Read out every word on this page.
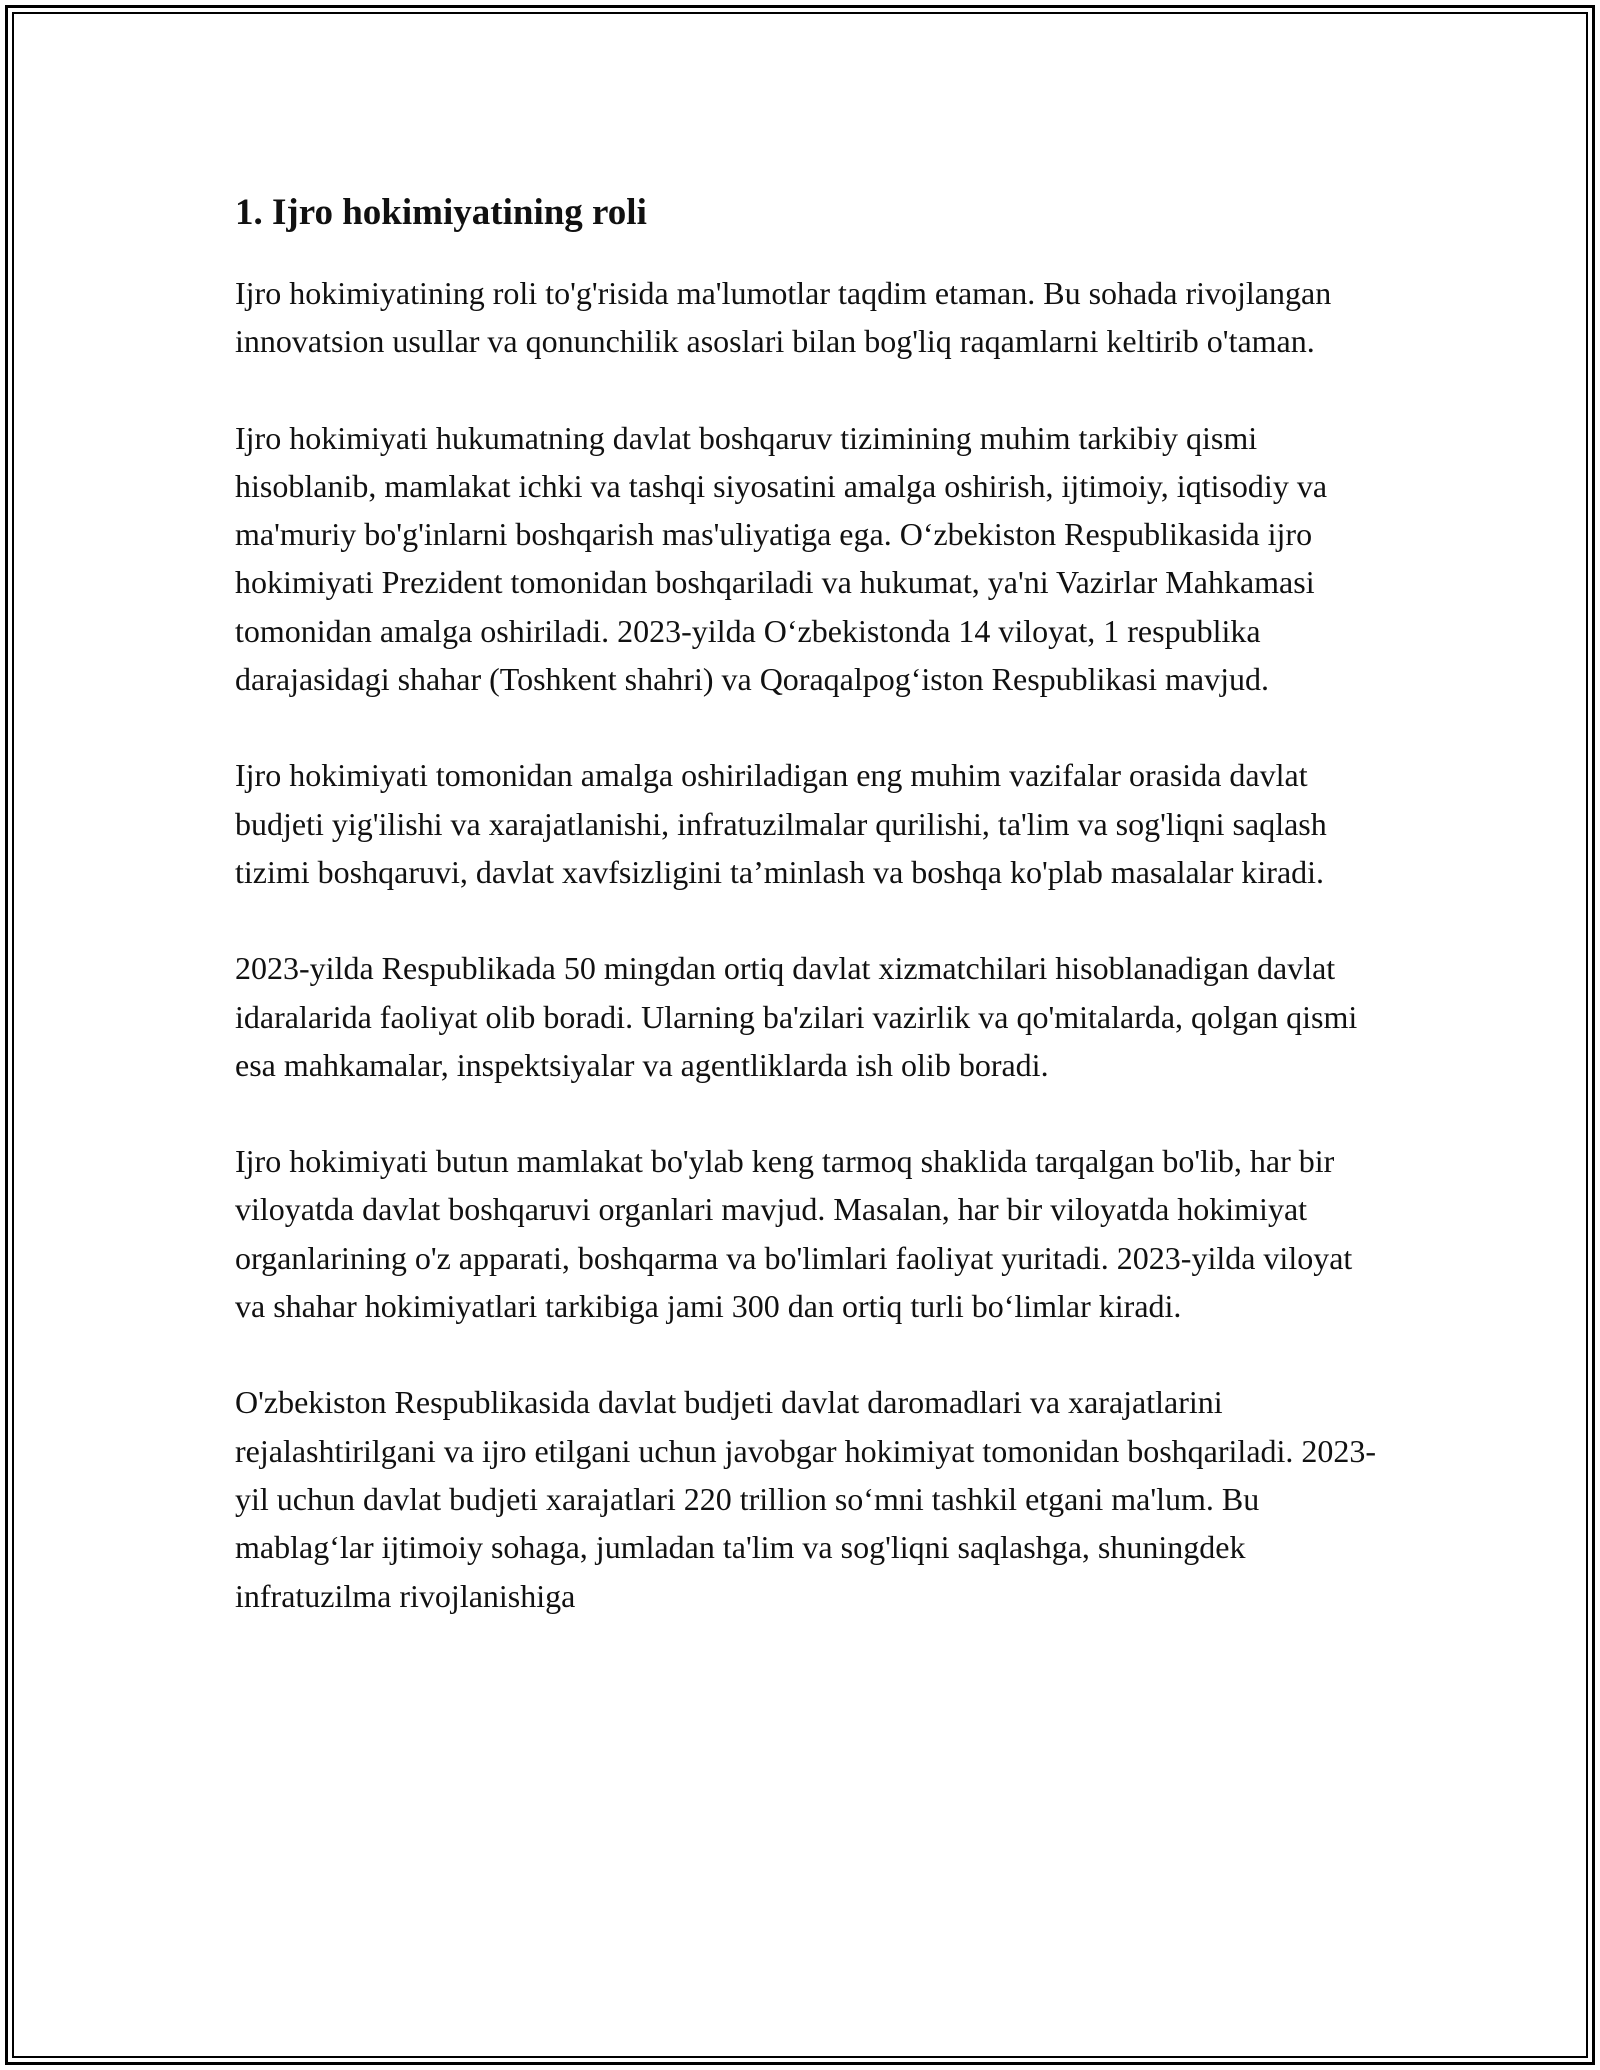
1. Ijro hokimiyatining roli

Ijro hokimiyatining roli to'g'risida ma'lumotlar taqdim etaman. Bu sohada rivojlangan innovatsion usullar va qonunchilik asoslari bilan bog'liq raqamlarni keltirib o'taman.

Ijro hokimiyati hukumatning davlat boshqaruv tizimining muhim tarkibiy qismi hisoblanib, mamlakat ichki va tashqi siyosatini amalga oshirish, ijtimoiy, iqtisodiy va ma'muriy bo'g'inlarni boshqarish mas'uliyatiga ega. O‘zbekiston Respublikasida ijro hokimiyati Prezident tomonidan boshqariladi va hukumat, ya'ni Vazirlar Mahkamasi tomonidan amalga oshiriladi. 2023-yilda O‘zbekistonda 14 viloyat, 1 respublika darajasidagi shahar (Toshkent shahri) va Qoraqalpog‘iston Respublikasi mavjud.

Ijro hokimiyati tomonidan amalga oshiriladigan eng muhim vazifalar orasida davlat budjeti yig'ilishi va xarajatlanishi, infratuzilmalar qurilishi, ta'lim va sog'liqni saqlash tizimi boshqaruvi, davlat xavfsizligini ta’minlash va boshqa ko'plab masalalar kiradi.

2023-yilda Respublikada 50 mingdan ortiq davlat xizmatchilari hisoblanadigan davlat idaralarida faoliyat olib boradi. Ularning ba'zilari vazirlik va qo'mitalarda, qolgan qismi esa mahkamalar, inspektsiyalar va agentliklarda ish olib boradi.

Ijro hokimiyati butun mamlakat bo'ylab keng tarmoq shaklida tarqalgan bo'lib, har bir viloyatda davlat boshqaruvi organlari mavjud. Masalan, har bir viloyatda hokimiyat organlarining o'z apparati, boshqarma va bo'limlari faoliyat yuritadi. 2023-yilda viloyat va shahar hokimiyatlari tarkibiga jami 300 dan ortiq turli bo‘limlar kiradi.

O'zbekiston Respublikasida davlat budjeti davlat daromadlari va xarajatlarini rejalashtirilgani va ijro etilgani uchun javobgar hokimiyat tomonidan boshqariladi. 2023-yil uchun davlat budjeti xarajatlari 220 trillion so‘mni tashkil etgani ma'lum. Bu mablag‘lar ijtimoiy sohaga, jumladan ta'lim va sog'liqni saqlashga, shuningdek infratuzilma rivojlanishiga
